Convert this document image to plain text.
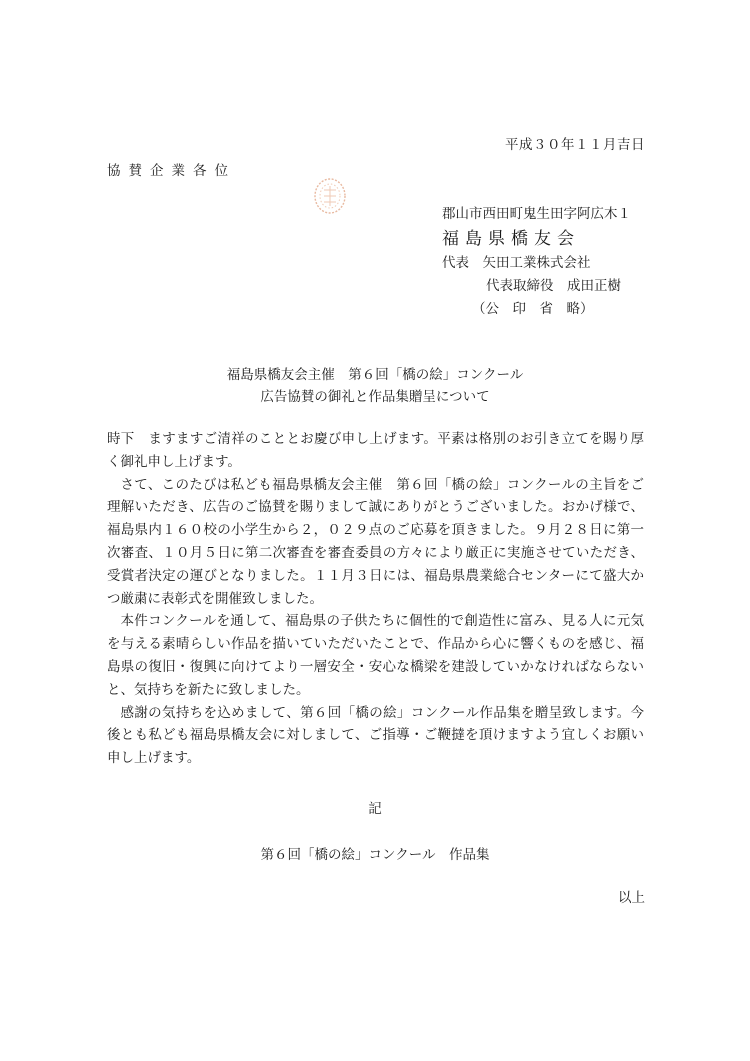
平成３０年１１月吉日
協賛企業各位
郡山市西田町鬼生田字阿広木１
福島県橋友会
代表　矢田工業株式会社
代表取締役　成田正樹
（公　印　省　略）
福島県橋友会主催　第６回「橋の絵」コンクール
広告協賛の御礼と作品集贈呈について

時下　ますますご清祥のこととお慶び申し上げます。平素は格別のお引き立てを賜り厚く御礼申し上げます。

さて、このたびは私ども福島県橋友会主催　第６回「橋の絵」コンクールの主旨をご理解いただき、広告のご協賛を賜りまして誠にありがとうございました。おかげ様で、福島県内１６０校の小学生から２，０２９点のご応募を頂きました。９月２８日に第一次審査、１０月５日に第二次審査を審査委員の方々により厳正に実施させていただき、受賞者決定の運びとなりました。１１月３日には、福島県農業総合センターにて盛大かつ厳粛に表彰式を開催致しました。

本件コンクールを通して、福島県の子供たちに個性的で創造性に富み、見る人に元気を与える素晴らしい作品を描いていただいたことで、作品から心に響くものを感じ、福島県の復旧・復興に向けてより一層安全・安心な橋梁を建設していかなければならないと、気持ちを新たに致しました。

感謝の気持ちを込めまして、第６回「橋の絵」コンクール作品集を贈呈致します。今後とも私ども福島県橋友会に対しまして、ご指導・ご鞭撻を頂けますよう宜しくお願い申し上げます。

記
第６回「橋の絵」コンクール　作品集
以上
